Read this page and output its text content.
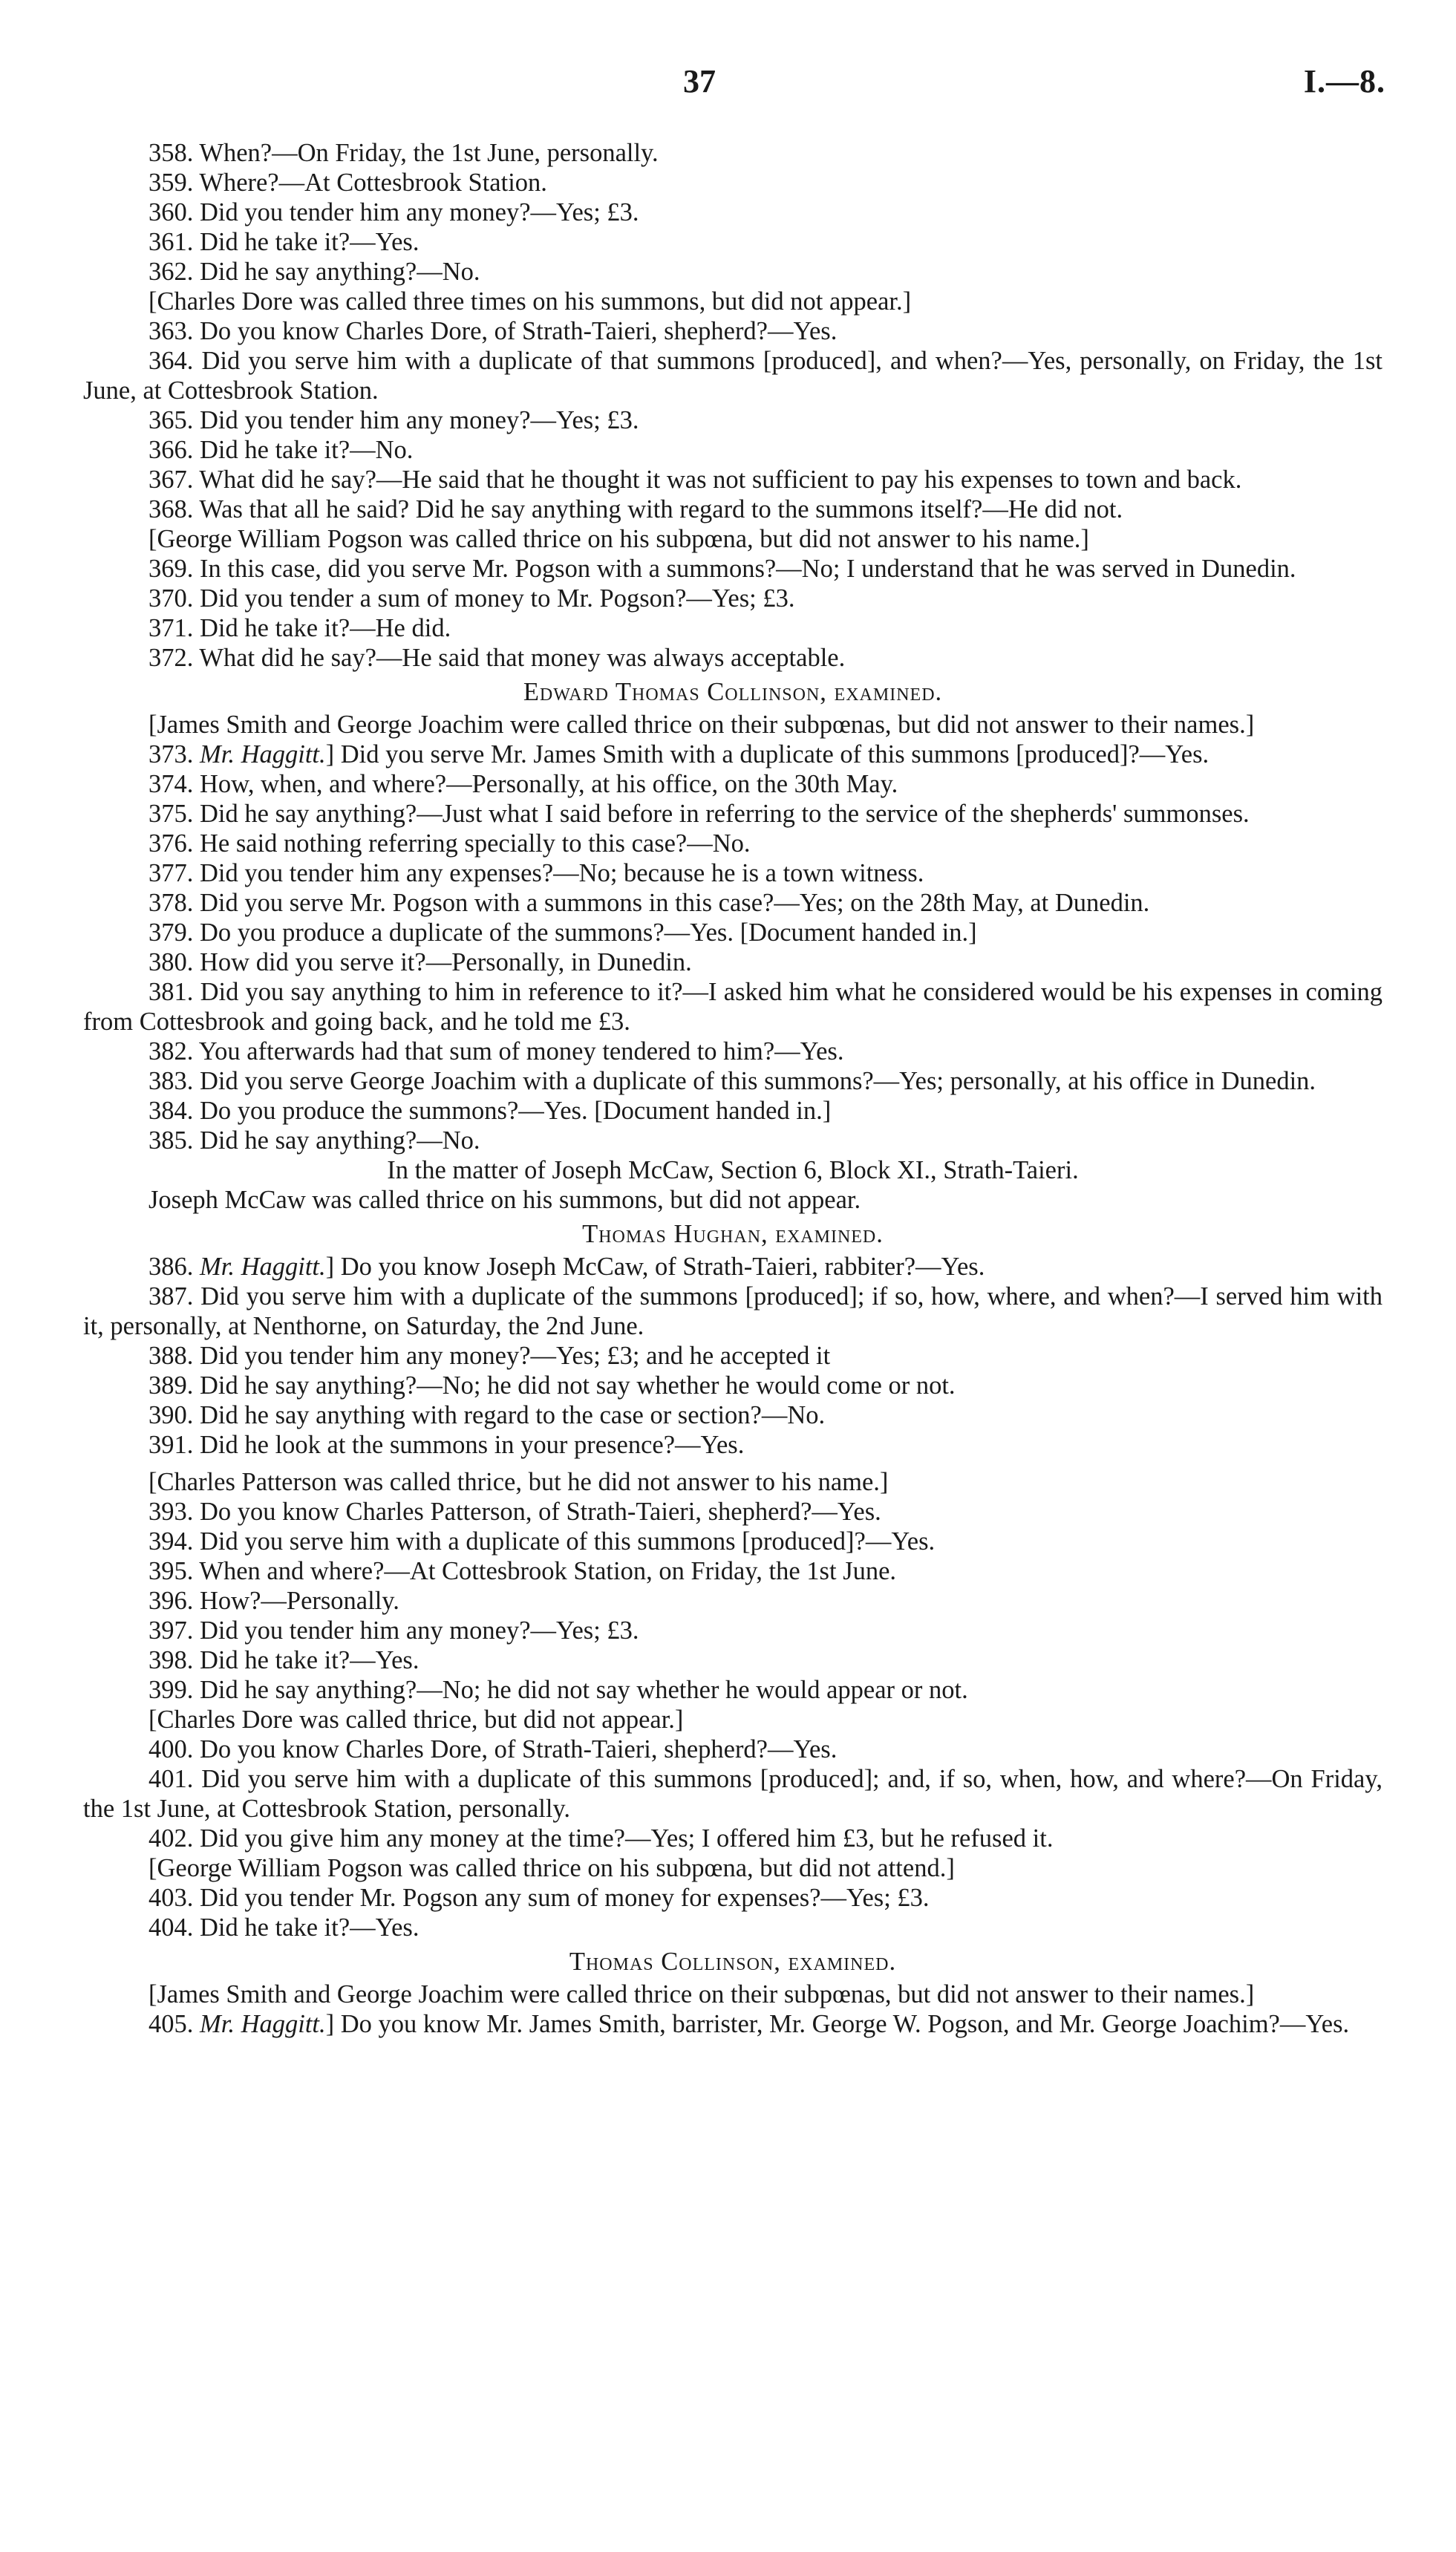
37	I.—8.

358. When?—On Friday, the 1st June, personally.

359. Where?—At Cottesbrook Station.

360. Did you tender him any money?—Yes; £3.

361. Did he take it?—Yes.

362. Did he say anything?—No.

[Charles Dore was called three times on his summons, but did not appear.]

363. Do you know Charles Dore, of Strath-Taieri, shepherd?—Yes.

364. Did you serve him with a duplicate of that summons [produced], and when?—Yes, personally, on Friday, the 1st June, at Cottesbrook Station.

365. Did you tender him any money?—Yes; £3.

366. Did he take it?—No.

367. What did he say?—He said that he thought it was not sufficient to pay his expenses to town and back.

368. Was that all he said? Did he say anything with regard to the summons itself?—He did not.

[George William Pogson was called thrice on his subpœna, but did not answer to his name.]

369. In this case, did you serve Mr. Pogson with a summons?—No; I understand that he was served in Dunedin.

370. Did you tender a sum of money to Mr. Pogson?—Yes; £3.

371. Did he take it?—He did.

372. What did he say?—He said that money was always acceptable.

Edward Thomas Collinson, examined.

[James Smith and George Joachim were called thrice on their subpœnas, but did not answer to their names.]

373. Mr. Haggitt.] Did you serve Mr. James Smith with a duplicate of this summons [produced]?—Yes.

374. How, when, and where?—Personally, at his office, on the 30th May.

375. Did he say anything?—Just what I said before in referring to the service of the shepherds' summonses.

376. He said nothing referring specially to this case?—No.

377. Did you tender him any expenses?—No; because he is a town witness.

378. Did you serve Mr. Pogson with a summons in this case?—Yes; on the 28th May, at Dunedin.

379. Do you produce a duplicate of the summons?—Yes. [Document handed in.]

380. How did you serve it?—Personally, in Dunedin.

381. Did you say anything to him in reference to it?—I asked him what he considered would be his expenses in coming from Cottesbrook and going back, and he told me £3.

382. You afterwards had that sum of money tendered to him?—Yes.

383. Did you serve George Joachim with a duplicate of this summons?—Yes; personally, at his office in Dunedin.

384. Do you produce the summons?—Yes. [Document handed in.]

385. Did he say anything?—No.

In the matter of Joseph McCaw, Section 6, Block XI., Strath-Taieri.

Joseph McCaw was called thrice on his summons, but did not appear.

Thomas Hughan, examined.

386. Mr. Haggitt.] Do you know Joseph McCaw, of Strath-Taieri, rabbiter?—Yes.

387. Did you serve him with a duplicate of the summons [produced]; if so, how, where, and when?—I served him with it, personally, at Nenthorne, on Saturday, the 2nd June.

388. Did you tender him any money?—Yes; £3; and he accepted it

389. Did he say anything?—No; he did not say whether he would come or not.

390. Did he say anything with regard to the case or section?—No.

391. Did he look at the summons in your presence?—Yes.

[Charles Patterson was called thrice, but he did not answer to his name.]

393. Do you know Charles Patterson, of Strath-Taieri, shepherd?—Yes.

394. Did you serve him with a duplicate of this summons [produced]?—Yes.

395. When and where?—At Cottesbrook Station, on Friday, the 1st June.

396. How?—Personally.

397. Did you tender him any money?—Yes; £3.

398. Did he take it?—Yes.

399. Did he say anything?—No; he did not say whether he would appear or not.

[Charles Dore was called thrice, but did not appear.]

400. Do you know Charles Dore, of Strath-Taieri, shepherd?—Yes.

401. Did you serve him with a duplicate of this summons [produced]; and, if so, when, how, and where?—On Friday, the 1st June, at Cottesbrook Station, personally.

402. Did you give him any money at the time?—Yes; I offered him £3, but he refused it.

[George William Pogson was called thrice on his subpœna, but did not attend.]

403. Did you tender Mr. Pogson any sum of money for expenses?—Yes; £3.

404. Did he take it?—Yes.

Thomas Collinson, examined.

[James Smith and George Joachim were called thrice on their subpœnas, but did not answer to their names.]

405. Mr. Haggitt.] Do you know Mr. James Smith, barrister, Mr. George W. Pogson, and Mr. George Joachim?—Yes.
